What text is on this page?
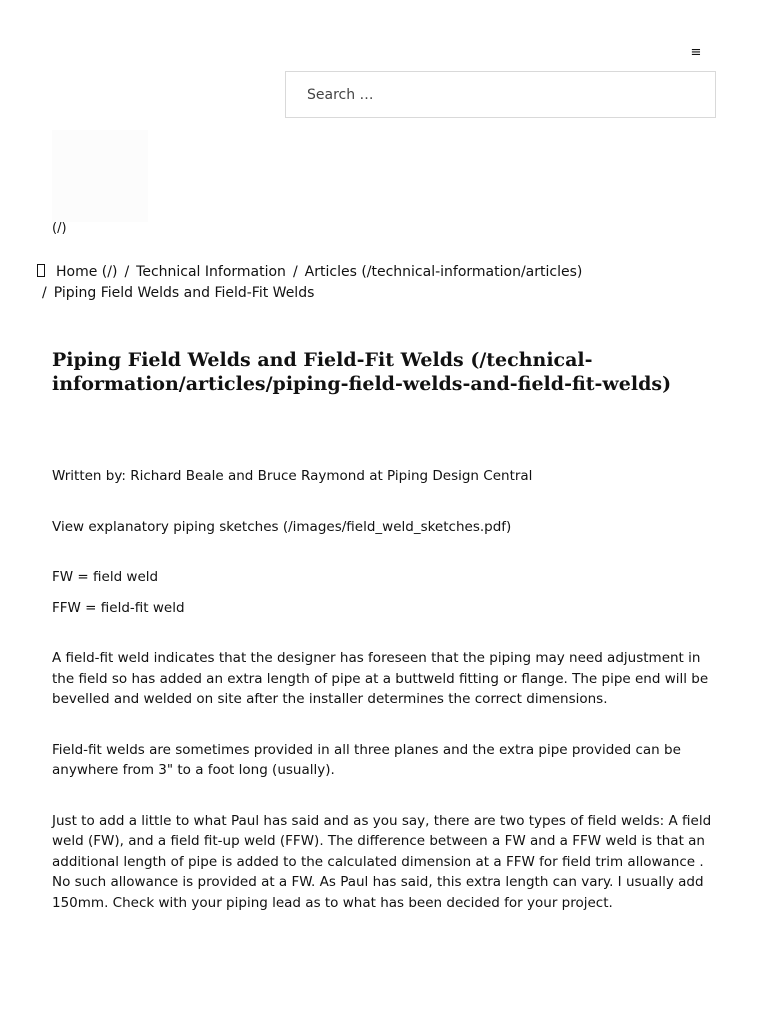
≡
Search …
(/)
Home (/) / Technical Information / Articles (/technical-information/articles)
/ Piping Field Welds and Field-Fit Welds
Piping Field Welds and Field-Fit Welds (/technical-information/articles/piping-field-welds-and-field-fit-welds)

Written by: Richard Beale and Bruce Raymond at Piping Design Central

View explanatory piping sketches (/images/field_weld_sketches.pdf)

FW = field weld

FFW = field-fit weld

A field-fit weld indicates that the designer has foreseen that the piping may need adjustment in the field so has added an extra length of pipe at a buttweld fitting or flange. The pipe end will be bevelled and welded on site after the installer determines the correct dimensions.

Field-fit welds are sometimes provided in all three planes and the extra pipe provided can be anywhere from 3" to a foot long (usually).

Just to add a little to what Paul has said and as you say, there are two types of field welds: A field weld (FW), and a field fit-up weld (FFW). The difference between a FW and a FFW weld is that an additional length of pipe is added to the calculated dimension at a FFW for field trim allowance . No such allowance is provided at a FW. As Paul has said, this extra length can vary. I usually add 150mm. Check with your piping lead as to what has been decided for your project.
